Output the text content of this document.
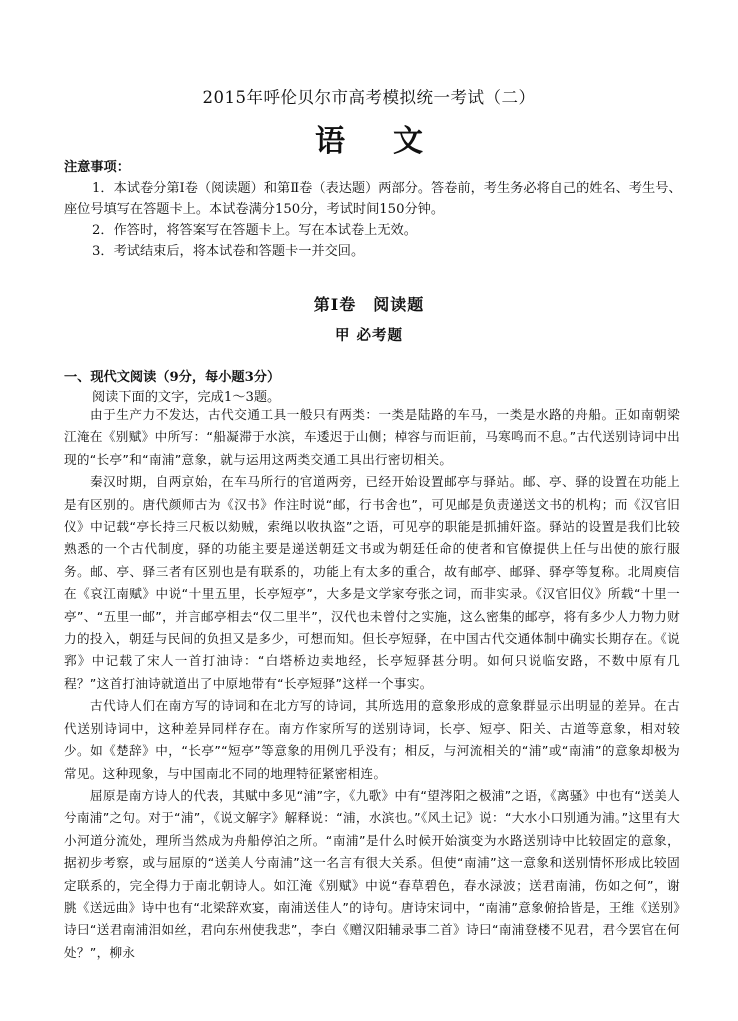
2015年呼伦贝尔市高考模拟统一考试（二）
语文

注意事项：

1．本试卷分第Ⅰ卷（阅读题）和第Ⅱ卷（表达题）两部分。答卷前，考生务必将自己的姓名、考生号、座位号填写在答题卡上。本试卷满分150分，考试时间150分钟。

2．作答时，将答案写在答题卡上。写在本试卷上无效。

3．考试结束后，将本试卷和答题卡一并交回。

第Ⅰ卷　阅读题
甲 必考题
一、现代文阅读（9分，每小题3分）
阅读下面的文字，完成1～3题。

由于生产力不发达，古代交通工具一般只有两类：一类是陆路的车马，一类是水路的舟船。正如南朝梁江淹在《别赋》中所写：“船凝滞于水滨，车逶迟于山侧；棹容与而讵前，马寒鸣而不息。”古代送别诗词中出现的“长亭”和“南浦”意象，就与运用这两类交通工具出行密切相关。

秦汉时期，自两京始，在车马所行的官道两旁，已经开始设置邮亭与驿站。邮、亭、驿的设置在功能上是有区别的。唐代颜师古为《汉书》作注时说“邮，行书舍也”，可见邮是负责递送文书的机构；而《汉官旧仪》中记载“亭长持三尺板以劾贼，索绳以收执盗”之语，可见亭的职能是抓捕奸盗。驿站的设置是我们比较熟悉的一个古代制度，驿的功能主要是递送朝廷文书或为朝廷任命的使者和官僚提供上任与出使的旅行服务。邮、亭、驿三者有区别也是有联系的，功能上有太多的重合，故有邮亭、邮驿、驿亭等复称。北周庾信在《哀江南赋》中说“十里五里，长亭短亭”，大多是文学家夸张之词，而非实录。《汉官旧仪》所载“十里一亭”、“五里一邮”，并言邮亭相去“仅二里半”，汉代也未曾付之实施，这么密集的邮亭，将有多少人力物力财力的投入，朝廷与民间的负担又是多少，可想而知。但长亭短驿，在中国古代交通体制中确实长期存在。《说郛》中记载了宋人一首打油诗：“白塔桥边卖地经，长亭短驿甚分明。如何只说临安路，不数中原有几程？”这首打油诗就道出了中原地带有“长亭短驿”这样一个事实。

古代诗人们在南方写的诗词和在北方写的诗词，其所选用的意象形成的意象群显示出明显的差异。在古代送别诗词中，这种差异同样存在。南方作家所写的送别诗词，长亭、短亭、阳关、古道等意象，相对较少。如《楚辞》中，“长亭”“短亭”等意象的用例几乎没有；相反，与河流相关的“浦”或“南浦”的意象却极为常见。这种现象，与中国南北不同的地理特征紧密相连。

屈原是南方诗人的代表，其赋中多见“浦”字，《九歌》中有“望涔阳之极浦”之语，《离骚》中也有“送美人兮南浦”之句。对于“浦”，《说文解字》解释说：“浦，水滨也。”《风土记》说：“大水小口别通为浦。”这里有大小河道分流处，理所当然成为舟船停泊之所。“南浦”是什么时候开始演变为水路送别诗中比较固定的意象，据初步考察，或与屈原的“送美人兮南浦”这一名言有很大关系。但使“南浦”这一意象和送别情怀形成比较固定联系的，完全得力于南北朝诗人。如江淹《别赋》中说“春草碧色，春水渌波；送君南浦，伤如之何”，谢朓《送远曲》诗中也有“北梁辞欢宴，南浦送佳人”的诗句。唐诗宋词中，“南浦”意象俯拾皆是，王维《送别》诗曰“送君南浦泪如丝，君向东州使我悲”，李白《赠汉阳辅录事二首》诗曰“南浦登楼不见君，君今罢官在何处？”，柳永
